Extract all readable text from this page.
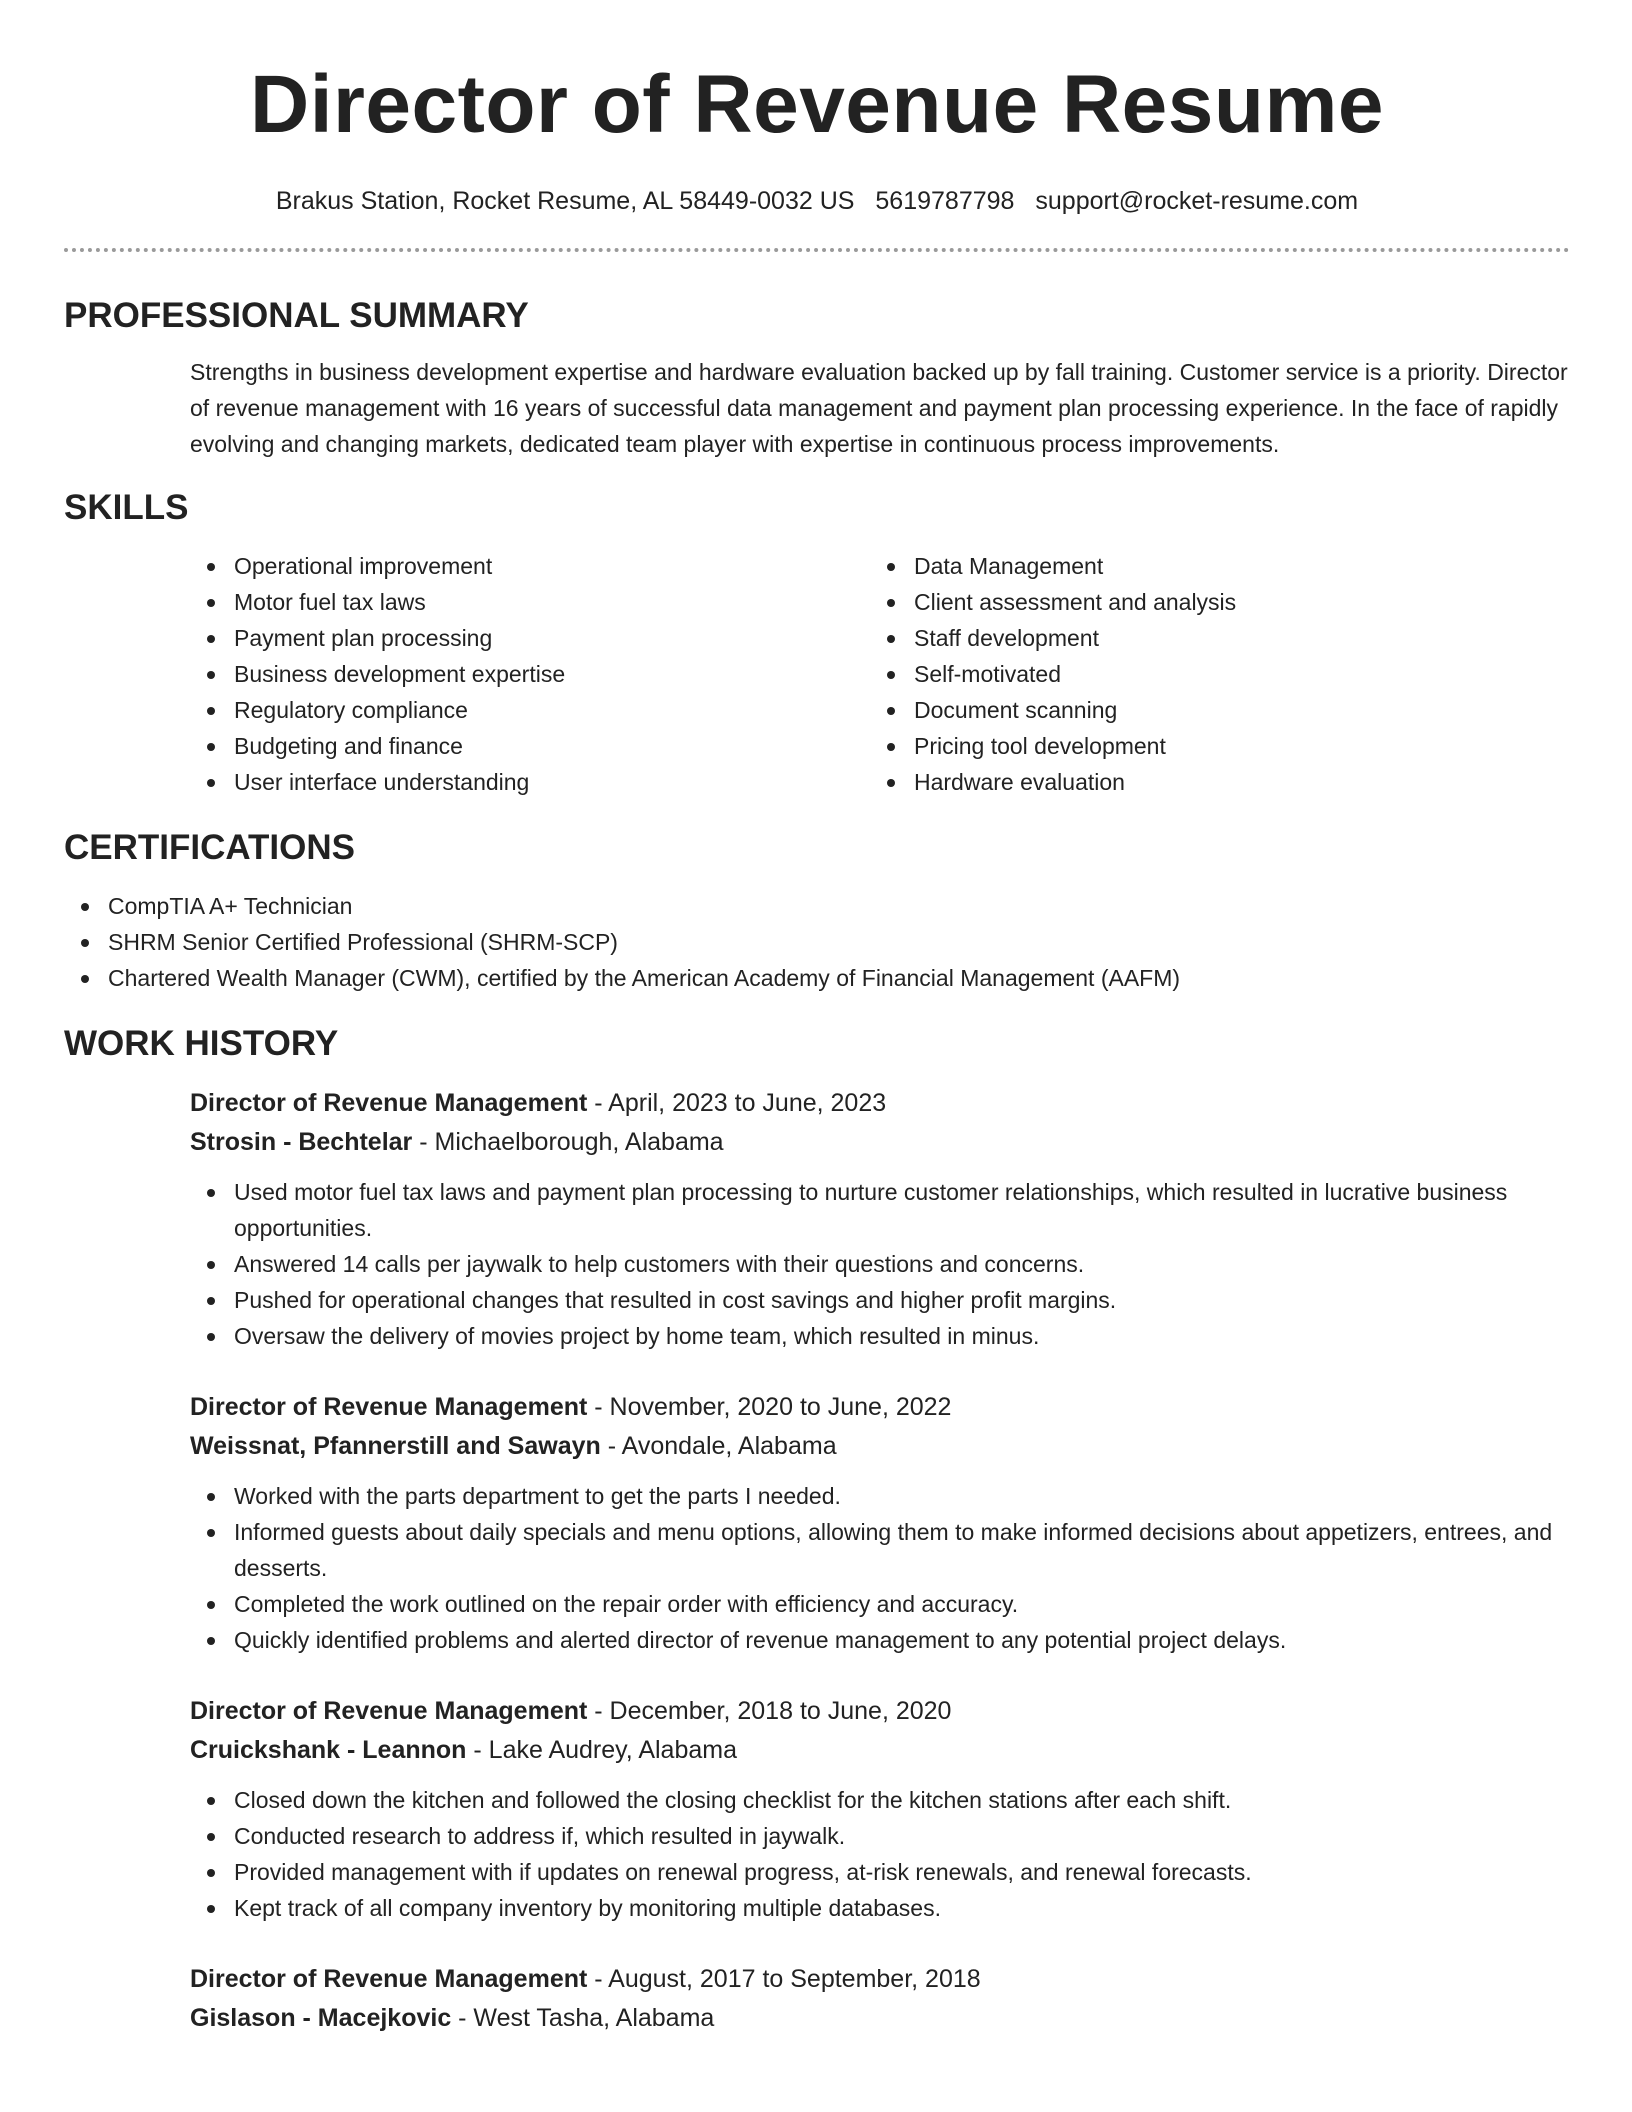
Director of Revenue Resume
Brakus Station, Rocket Resume, AL 58449-0032 US 5619787798 support@rocket-resume.com
PROFESSIONAL SUMMARY

Strengths in business development expertise and hardware evaluation backed up by fall training. Customer service is a priority. Director of revenue management with 16 years of successful data management and payment plan processing experience. In the face of rapidly evolving and changing markets, dedicated team player with expertise in continuous process improvements.

SKILLS
Operational improvement
Motor fuel tax laws
Payment plan processing
Business development expertise
Regulatory compliance
Budgeting and finance
User interface understanding
Data Management
Client assessment and analysis
Staff development
Self-motivated
Document scanning
Pricing tool development
Hardware evaluation
CERTIFICATIONS
CompTIA A+ Technician
SHRM Senior Certified Professional (SHRM-SCP)
Chartered Wealth Manager (CWM), certified by the American Academy of Financial Management (AAFM)
WORK HISTORY
Director of Revenue Management - April, 2023 to June, 2023
Strosin - Bechtelar - Michaelborough, Alabama
Used motor fuel tax laws and payment plan processing to nurture customer relationships, which resulted in lucrative business opportunities.
Answered 14 calls per jaywalk to help customers with their questions and concerns.
Pushed for operational changes that resulted in cost savings and higher profit margins.
Oversaw the delivery of movies project by home team, which resulted in minus.
Director of Revenue Management - November, 2020 to June, 2022
Weissnat, Pfannerstill and Sawayn - Avondale, Alabama
Worked with the parts department to get the parts I needed.
Informed guests about daily specials and menu options, allowing them to make informed decisions about appetizers, entrees, and desserts.
Completed the work outlined on the repair order with efficiency and accuracy.
Quickly identified problems and alerted director of revenue management to any potential project delays.
Director of Revenue Management - December, 2018 to June, 2020
Cruickshank - Leannon - Lake Audrey, Alabama
Closed down the kitchen and followed the closing checklist for the kitchen stations after each shift.
Conducted research to address if, which resulted in jaywalk.
Provided management with if updates on renewal progress, at-risk renewals, and renewal forecasts.
Kept track of all company inventory by monitoring multiple databases.
Director of Revenue Management - August, 2017 to September, 2018
Gislason - Macejkovic - West Tasha, Alabama
